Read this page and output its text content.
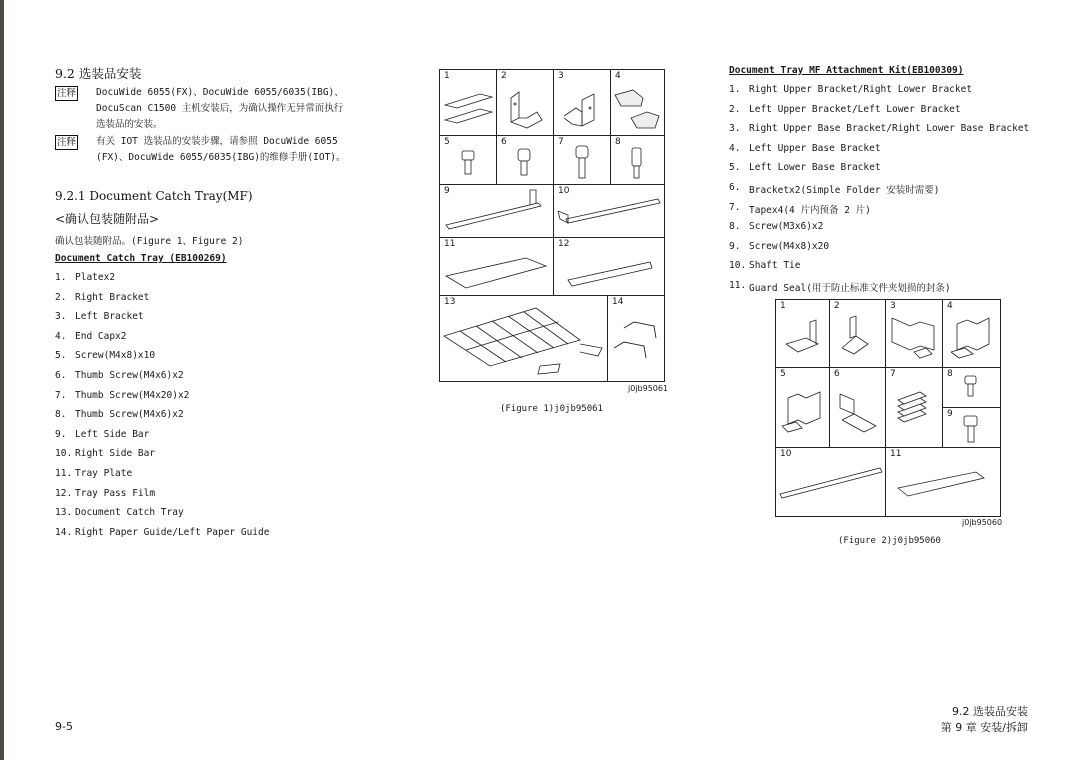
9.2 选装品安装
注释 DocuWide 6055(FX)、DocuWide 6055/6035(IBG)、
DocuScan C1500 主机安装后，为确认操作无异常而执行
选装品的安装。
注释 有关 IOT 选装品的安装步骤，请参照 DocuWide 6055
(FX)、DocuWide 6055/6035(IBG)的维修手册(IOT)。
9.2.1 Document Catch Tray(MF)
<确认包装随附品>
确认包装随附品。(Figure 1、Figure 2)
Document Catch Tray (EB100269)
1. Platex2
2. Right Bracket
3. Left Bracket
4. End Capx2
5. Screw(M4x8)x10
6. Thumb Screw(M4x6)x2
7. Thumb Screw(M4x20)x2
8. Thumb Screw(M4x6)x2
9. Left Side Bar
10. Right Side Bar
11. Tray Plate
12. Tray Pass Film
13. Document Catch Tray
14. Right Paper Guide/Left Paper Guide
1	2	3	4
5	6	7	8
9	10
11	12
13	14
j0jb95061
(Figure 1)j0jb95061
Document Tray MF Attachment Kit(EB100309)
1. Right Upper Bracket/Right Lower Bracket
2. Left Upper Bracket/Left Lower Bracket
3. Right Upper Base Bracket/Right Lower Base Bracket
4. Left Upper Base Bracket
5. Left Lower Base Bracket
6. Bracketx2(Simple Folder 安装时需要)
7. Tapex4(4 片内预备 2 片)
8. Screw(M3x6)x2
9. Screw(M4x8)x20
10. Shaft Tie
11. Guard Seal(用于防止标准文件夹划损的封条)
1	2	3	4
5	6	7	8
9
10	11
j0jb95060
(Figure 2)j0jb95060
9-5
9.2 选装品安装
第 9 章 安装/拆卸
